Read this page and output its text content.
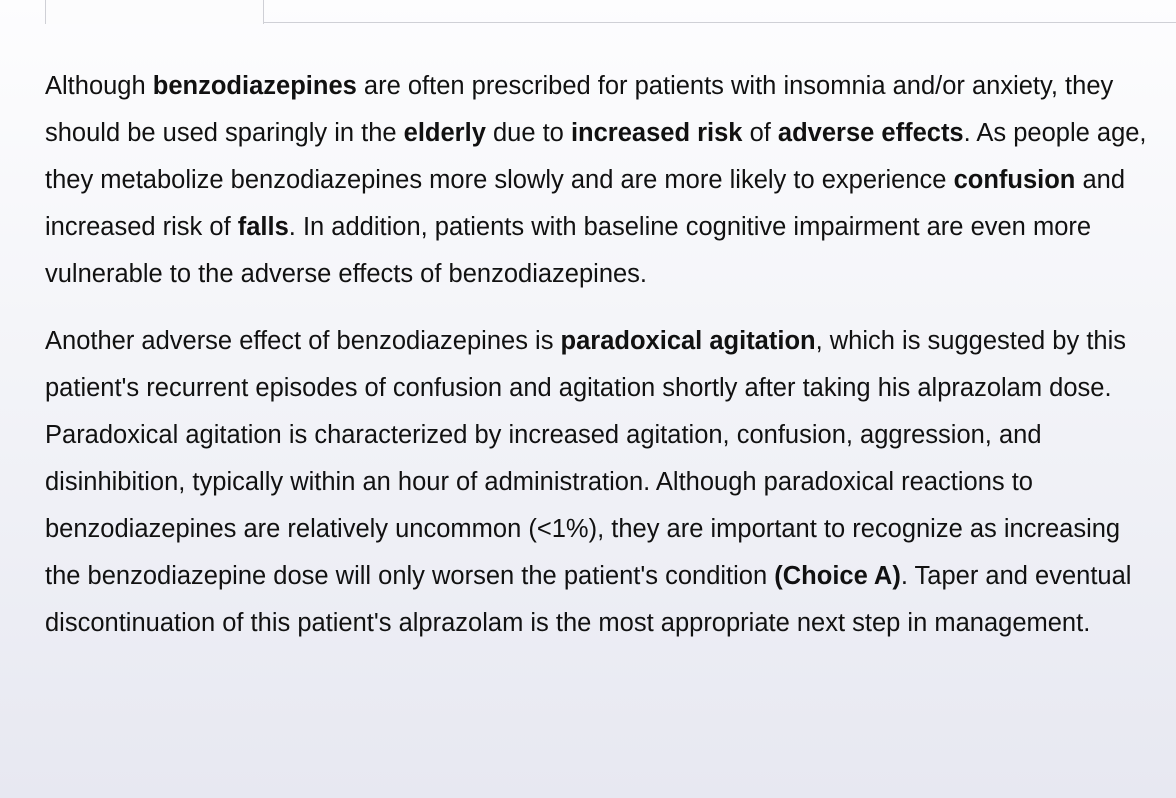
Although benzodiazepines are often prescribed for patients with insomnia and/or anxiety, they should be used sparingly in the elderly due to increased risk of adverse effects. As people age, they metabolize benzodiazepines more slowly and are more likely to experience confusion and increased risk of falls. In addition, patients with baseline cognitive impairment are even more vulnerable to the adverse effects of benzodiazepines.

Another adverse effect of benzodiazepines is paradoxical agitation, which is suggested by this patient's recurrent episodes of confusion and agitation shortly after taking his alprazolam dose. Paradoxical agitation is characterized by increased agitation, confusion, aggression, and disinhibition, typically within an hour of administration. Although paradoxical reactions to benzodiazepines are relatively uncommon (<1%), they are important to recognize as increasing the benzodiazepine dose will only worsen the patient's condition (Choice A). Taper and eventual discontinuation of this patient's alprazolam is the most appropriate next step in management.
